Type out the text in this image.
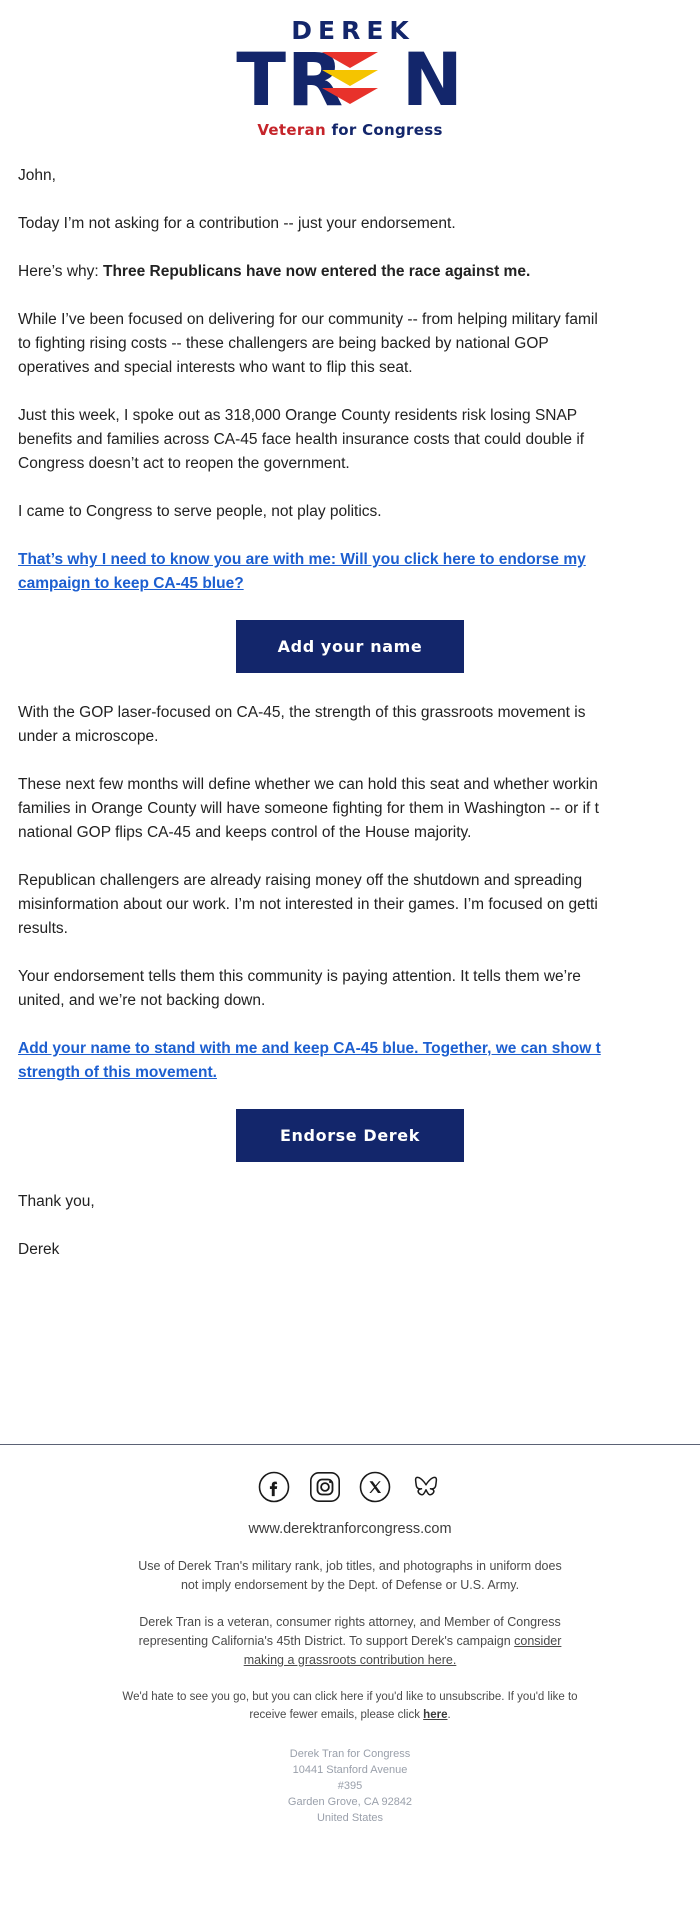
DEREK
TR N
Veteran for Congress

John,

Today I’m not asking for a contribution -- just your endorsement.

Here’s why: Three Republicans have now entered the race against me.

While I’ve been focused on delivering for our community -- from helping military famil
to fighting rising costs -- these challengers are being backed by national GOP
operatives and special interests who want to flip this seat.

Just this week, I spoke out as 318,000 Orange County residents risk losing SNAP
benefits and families across CA-45 face health insurance costs that could double if
Congress doesn’t act to reopen the government.

I came to Congress to serve people, not play politics.

That’s why I need to know you are with me: Will you click here to endorse my
campaign to keep CA-45 blue?
Add your name

With the GOP laser-focused on CA-45, the strength of this grassroots movement is
under a microscope.

These next few months will define whether we can hold this seat and whether workin
families in Orange County will have someone fighting for them in Washington -- or if t
national GOP flips CA-45 and keeps control of the House majority.

Republican challengers are already raising money off the shutdown and spreading
misinformation about our work. I’m not interested in their games. I’m focused on getti
results.

Your endorsement tells them this community is paying attention. It tells them we’re
united, and we’re not backing down.

Add your name to stand with me and keep CA-45 blue. Together, we can show t
strength of this movement.
Endorse Derek

Thank you,

Derek

www.derektranforcongress.com

Use of Derek Tran's military rank, job titles, and photographs in uniform does
not imply endorsement by the Dept. of Defense or U.S. Army.

Derek Tran is a veteran, consumer rights attorney, and Member of Congress
representing California's 45th District. To support Derek's campaign consider
making a grassroots contribution here.

We'd hate to see you go, but you can click here if you'd like to unsubscribe. If you'd like to
receive fewer emails, please click here.

Derek Tran for Congress
10441 Stanford Avenue
#395
Garden Grove, CA 92842
United States
